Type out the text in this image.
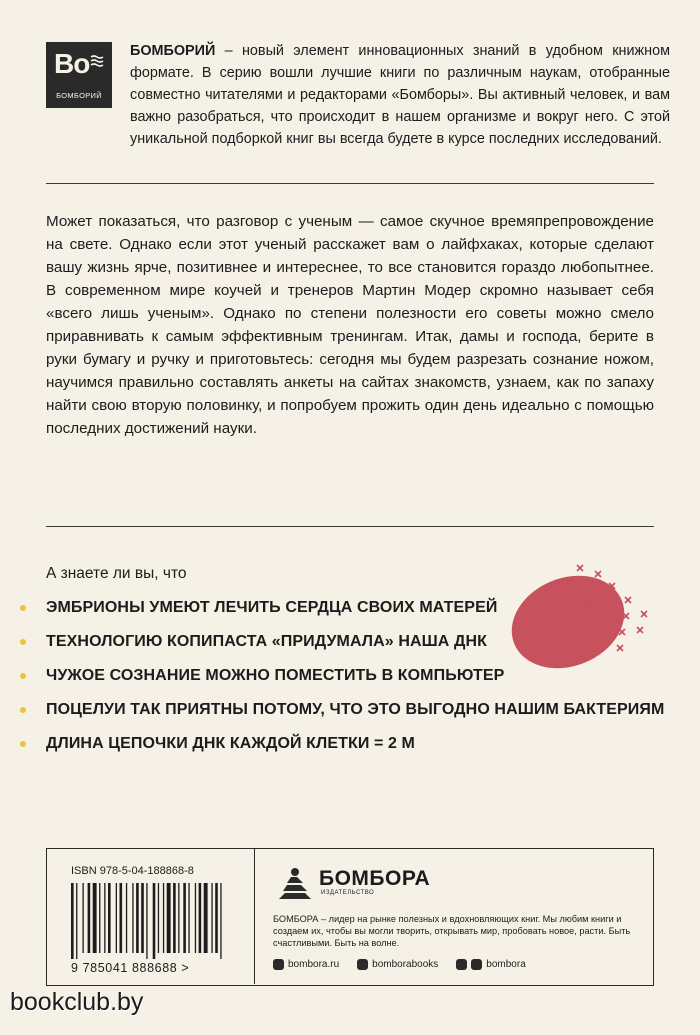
Bo
БОМБОРИЙ

БОМБОРИЙ – новый элемент инновационных знаний в удобном книжном формате. В серию вошли лучшие книги по различным наукам, отобранные совместно читателями и редакторами «Бомборы». Вы активный человек, и вам важно разобраться, что происходит в нашем организме и вокруг него. С этой уникальной подборкой книг вы всегда будете в курсе последних исследований.

Может показаться, что разговор с ученым — самое скучное времяпрепровождение на свете. Однако если этот ученый расскажет вам о лайфхаках, которые сделают вашу жизнь ярче, позитивнее и интереснее, то все становится гораздо любопытнее. В современном мире коучей и тренеров Мартин Модер скромно называет себя «всего лишь ученым». Однако по степени полезности его советы можно смело приравнивать к самым эффективным тренингам. Итак, дамы и господа, берите в руки бумагу и ручку и приготовьтесь: сегодня мы будем разрезать сознание ножом, научимся правильно составлять анкеты на сайтах знакомств, узнаем, как по запаху найти свою вторую половинку, и попробуем прожить один день идеально с помощью последних достижений науки.

А знаете ли вы, что
ЭМБРИОНЫ УМЕЮТ ЛЕЧИТЬ СЕРДЦА СВОИХ МАТЕРЕЙ
ТЕХНОЛОГИЮ КОПИПАСТА «ПРИДУМАЛА» НАША ДНК
ЧУЖОЕ СОЗНАНИЕ МОЖНО ПОМЕСТИТЬ В КОМПЬЮТЕР
ПОЦЕЛУИ ТАК ПРИЯТНЫ ПОТОМУ, ЧТО ЭТО ВЫГОДНО НАШИМ БАКТЕРИЯМ
ДЛИНА ЦЕПОЧКИ ДНК КАЖДОЙ КЛЕТКИ = 2 М
ISBN 978-5-04-188868-8
9 785041 888688 >
БОМБОРА
ИЗДАТЕЛЬСТВО

БОМБОРА – лидер на рынке полезных и вдохновляющих книг. Мы любим книги и создаем их, чтобы вы могли творить, открывать мир, пробовать новое, расти. Быть счастливыми. Быть на волне.

bombora.ru	bomborabooks	bombora
bookclub.by
